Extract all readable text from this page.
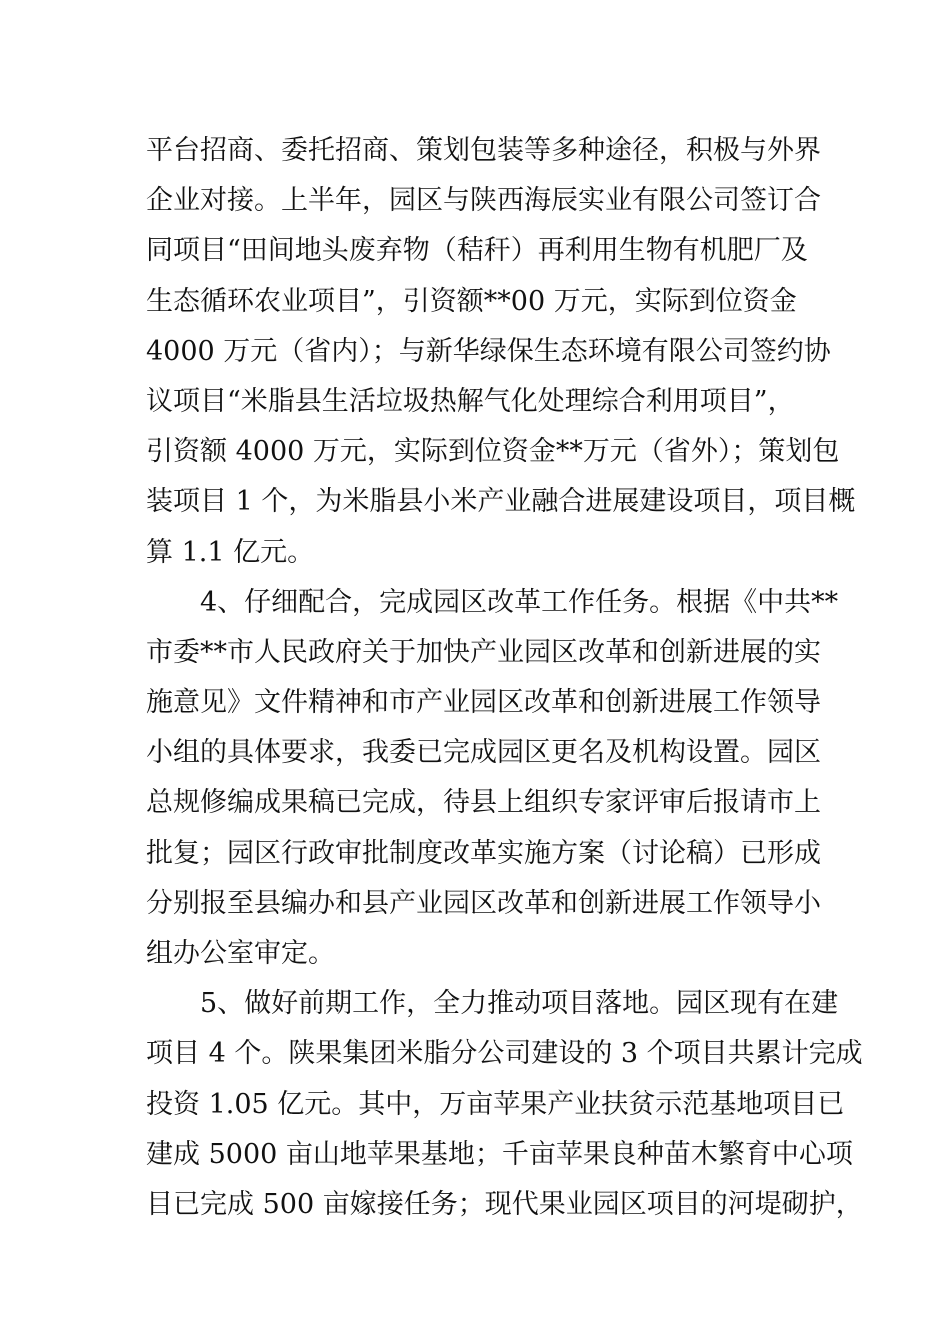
平台招商、委托招商、策划包装等多种途径，积极与外界
企业对接。上半年，园区与陕西海辰实业有限公司签订合
同项目“田间地头废弃物（秸秆）再利用生物有机肥厂及
生态循环农业项目”，引资额**00 万元，实际到位资金
4000 万元（省内）；与新华绿保生态环境有限公司签约协
议项目“米脂县生活垃圾热解气化处理综合利用项目”，
引资额 4000 万元，实际到位资金**万元（省外）；策划包
装项目 1 个，为米脂县小米产业融合进展建设项目，项目概
算 1.1 亿元。
4、仔细配合，完成园区改革工作任务。根据《中共**
市委**市人民政府关于加快产业园区改革和创新进展的实
施意见》文件精神和市产业园区改革和创新进展工作领导
小组的具体要求，我委已完成园区更名及机构设置。园区
总规修编成果稿已完成，待县上组织专家评审后报请市上
批复；园区行政审批制度改革实施方案（讨论稿）已形成
分别报至县编办和县产业园区改革和创新进展工作领导小
组办公室审定。
5、做好前期工作，全力推动项目落地。园区现有在建
项目 4 个。陕果集团米脂分公司建设的 3 个项目共累计完成
投资 1.05 亿元。其中，万亩苹果产业扶贫示范基地项目已
建成 5000 亩山地苹果基地；千亩苹果良种苗木繁育中心项
目已完成 500 亩嫁接任务；现代果业园区项目的河堤砌护，
